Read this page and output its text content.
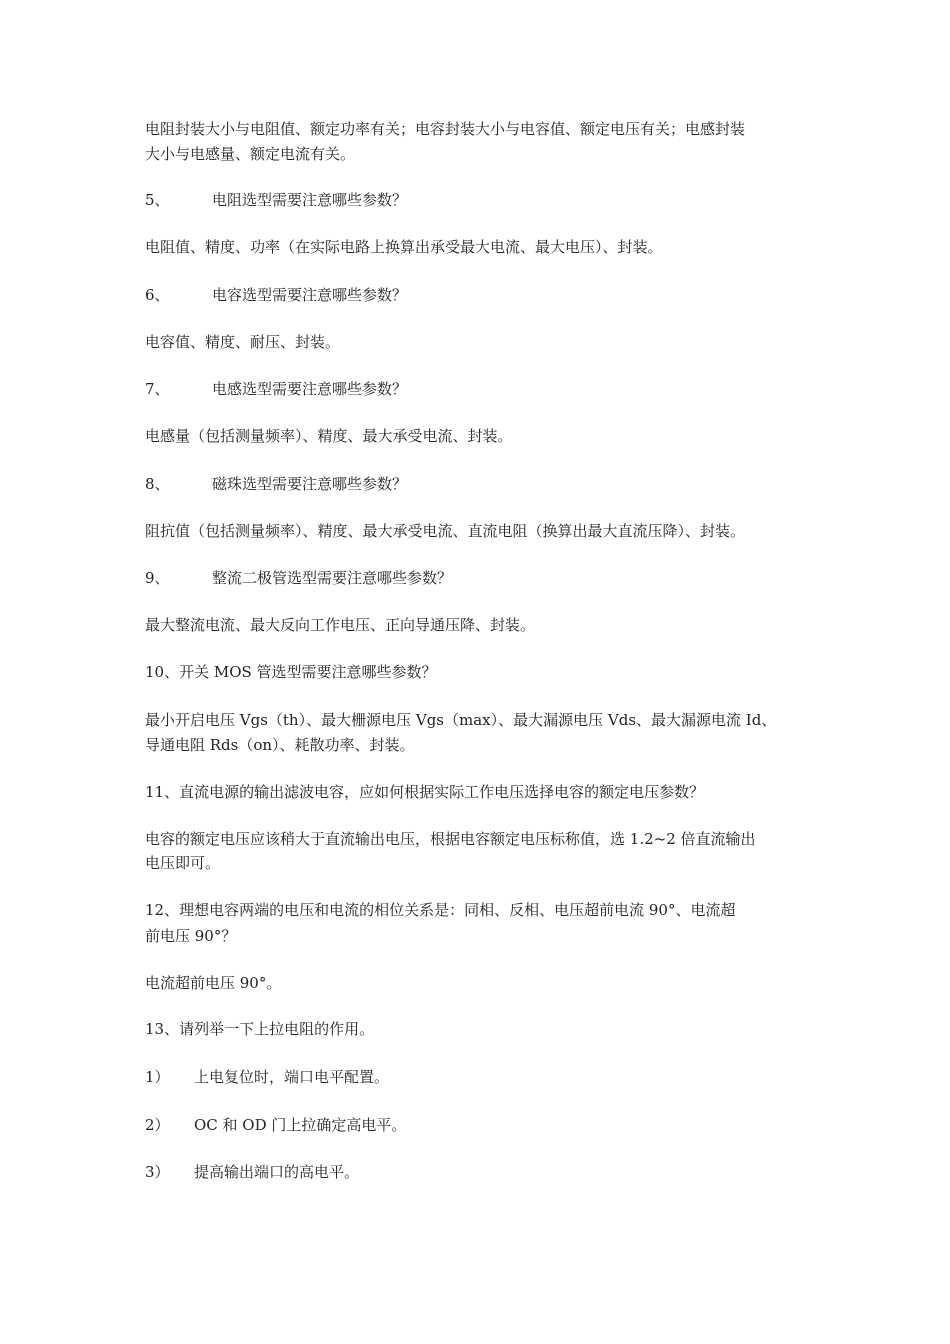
电阻封装大小与电阻值、额定功率有关；电容封装大小与电容值、额定电压有关；电感封装
大小与电感量、额定电流有关。
5、	电阻选型需要注意哪些参数？
电阻值、精度、功率（在实际电路上换算出承受最大电流、最大电压）、封装。
6、	电容选型需要注意哪些参数？
电容值、精度、耐压、封装。
7、	电感选型需要注意哪些参数？
电感量（包括测量频率）、精度、最大承受电流、封装。
8、	磁珠选型需要注意哪些参数？
阻抗值（包括测量频率）、精度、最大承受电流、直流电阻（换算出最大直流压降）、封装。
9、	整流二极管选型需要注意哪些参数？
最大整流电流、最大反向工作电压、正向导通压降、封装。
10、开关 MOS 管选型需要注意哪些参数？
最小开启电压 Vgs（th）、最大栅源电压 Vgs（max）、最大漏源电压 Vds、最大漏源电流 Id、
导通电阻 Rds（on）、耗散功率、封装。
11、直流电源的输出滤波电容，应如何根据实际工作电压选择电容的额定电压参数？
电容的额定电压应该稍大于直流输出电压，根据电容额定电压标称值，选 1.2~2 倍直流输出
电压即可。
12、理想电容两端的电压和电流的相位关系是：同相、反相、电压超前电流 90°、电流超
前电压 90°？
电流超前电压 90°。
13、请列举一下上拉电阻的作用。
1） 上电复位时，端口电平配置。
2） OC 和 OD 门上拉确定高电平。
3） 提高输出端口的高电平。
